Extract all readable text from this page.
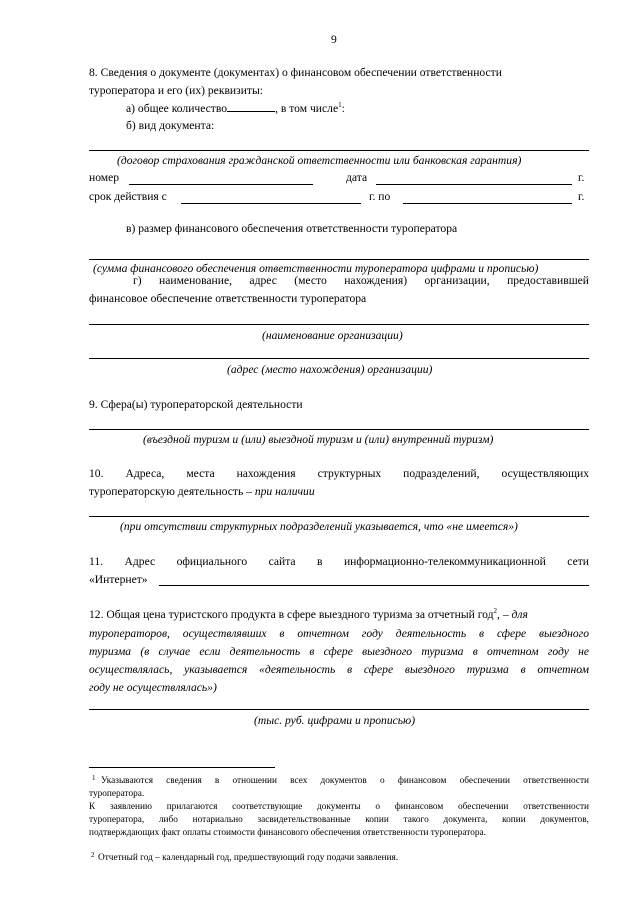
9
8. Сведения о документе (документах) о финансовом обеспечении ответственности
туроператора и его (их) реквизиты:
а) общее количество	, в том числе$^1$:
б) вид документа:
(договор страхования гражданской ответственности или банковская гарантия)
номер	дата	г.
срок действия с	г. по	г.
в) размер финансового обеспечения ответственности туроператора
(сумма финансового обеспечения ответственности туроператора цифрами и прописью)
г) наименование, адрес (место нахождения) организации, предоставившей
финансовое обеспечение ответственности туроператора
(наименование организации)
(адрес (место нахождения) организации)
9. Сфера(ы) туроператорской деятельности
(въездной туризм и (или) выездной туризм и (или) внутренний туризм)
10. Адреса, места нахождения структурных подразделений, осуществляющих
туроператорскую деятельность – при наличии
(при отсутствии структурных подразделений указывается, что «не имеется»)
11. Адрес официального сайта в информационно-телекоммуникационной сети
«Интернет»
12. Общая цена туристского продукта в сфере выездного туризма за отчетный год$^2$, – для
туроператоров, осуществлявших в отчетном году деятельность в сфере выездного
туризма (в случае если деятельность в сфере выездного туризма в отчетном году не
осуществлялась, указывается «деятельность в сфере выездного туризма в отчетном
году не осуществлялась»)
(тыс. руб. цифрами и прописью)
1 Указываются сведения в отношении всех документов о финансовом обеспечении ответственности
туроператора.
К заявлению прилагаются соответствующие документы о финансовом обеспечении ответственности
туроператора, либо нотариально засвидетельствованные копии такого документа, копии документов,
подтверждающих факт оплаты стоимости финансового обеспечения ответственности туроператора.
2 Отчетный год – календарный год, предшествующий году подачи заявления.
